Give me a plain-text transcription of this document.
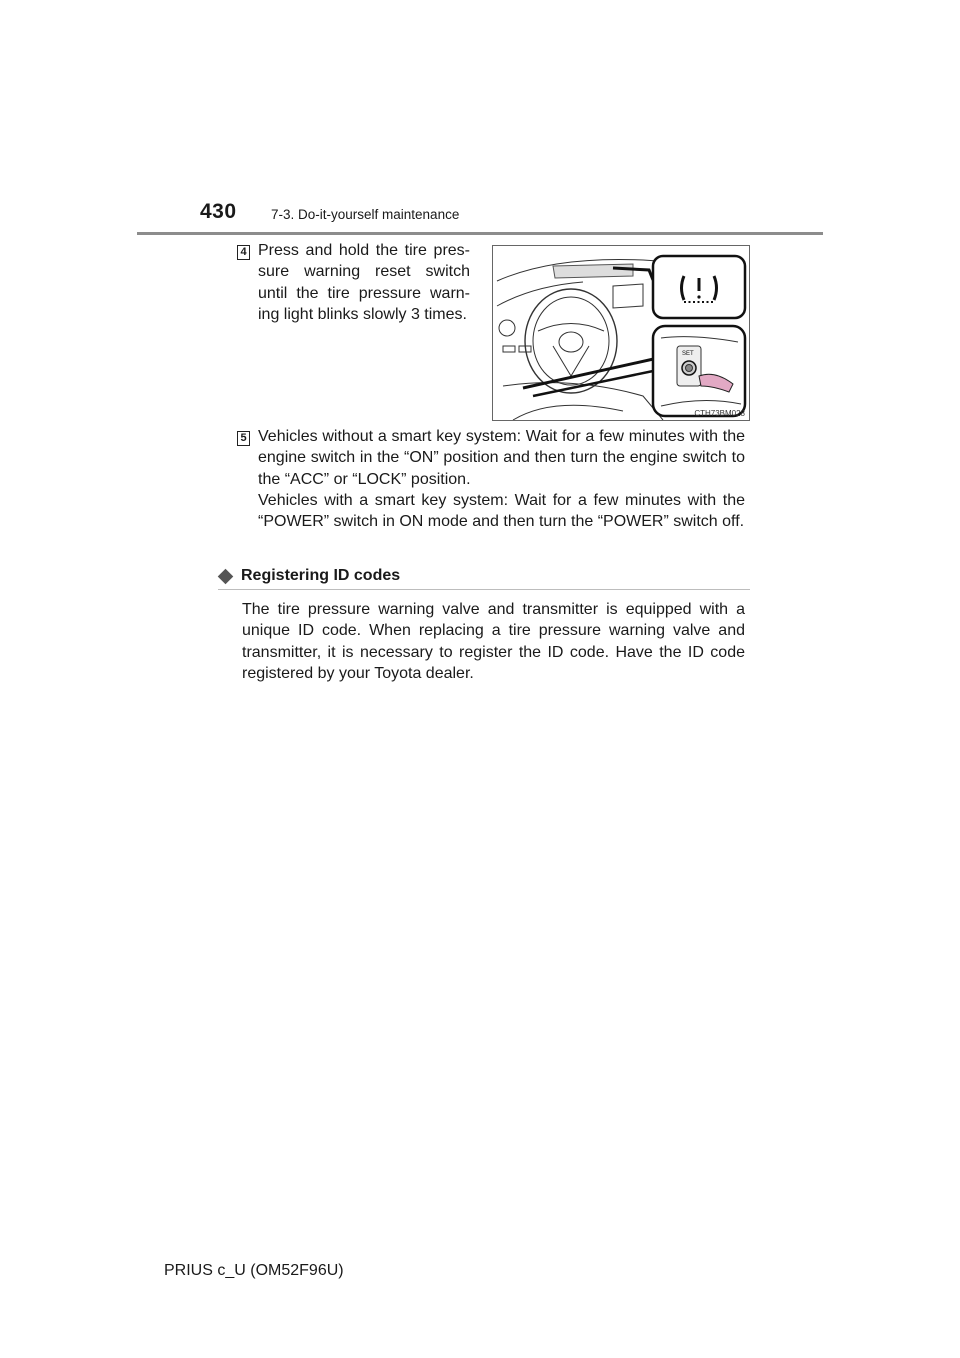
430	7-3. Do-it-yourself maintenance
4 Press and hold the tire pres-

sure warning reset switch

until the tire pressure warn-

ing light blinks slowly 3 times.

SET
CTH73BM028
5 Vehicles without a smart key system: Wait for a few minutes with the engine switch in the “ON” position and then turn the engine switch to the “ACC” or “LOCK” position.

Vehicles with a smart key system: Wait for a few minutes with the “POWER” switch in ON mode and then turn the “POWER” switch off.

Registering ID codes

The tire pressure warning valve and transmitter is equipped with a unique ID code. When replacing a tire pressure warning valve and transmitter, it is necessary to register the ID code. Have the ID code registered by your Toyota dealer.

PRIUS c_U (OM52F96U)
